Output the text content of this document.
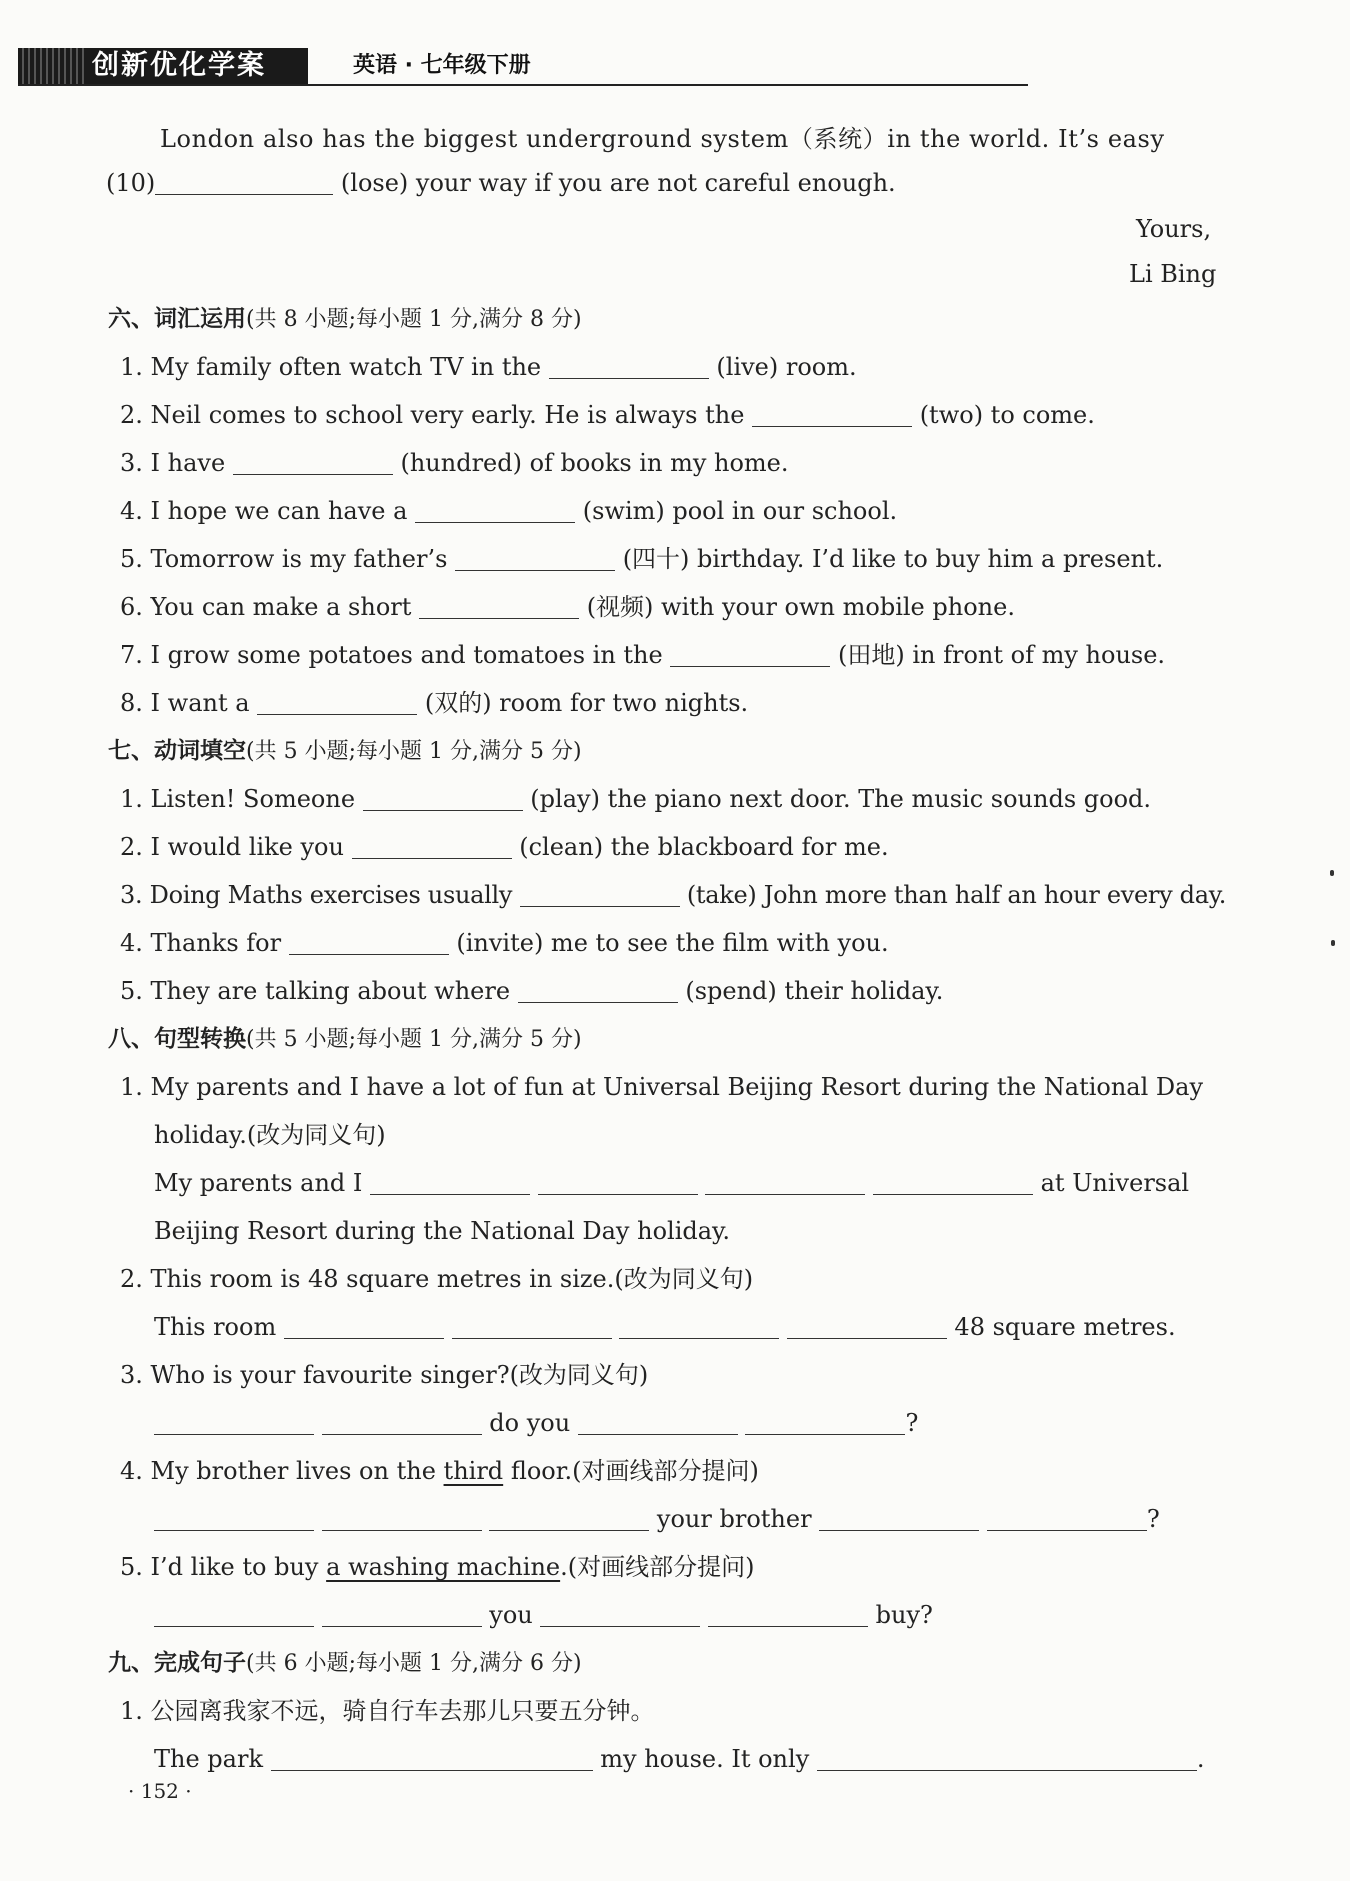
创新优化学案	英语 · 七年级下册
London also has the biggest underground system（系统）in the world. It’s easy
(10)	(lose) your way if you are not careful enough.
Yours,
Li Bing
六、词汇运用(共 8 小题;每小题 1 分,满分 8 分)
1. My family often watch TV in the	(live) room.
2. Neil comes to school very early. He is always the	(two) to come.
3. I have	(hundred) of books in my home.
4. I hope we can have a	(swim) pool in our school.
5. Tomorrow is my father’s	(四十) birthday. I’d like to buy him a present.
6. You can make a short	(视频) with your own mobile phone.
7. I grow some potatoes and tomatoes in the	(田地) in front of my house.
8. I want a	(双的) room for two nights.
七、动词填空(共 5 小题;每小题 1 分,满分 5 分)
1. Listen! Someone	(play) the piano next door. The music sounds good.
2. I would like you	(clean) the blackboard for me.
3. Doing Maths exercises usually	(take) John more than half an hour every day.
4. Thanks for	(invite) me to see the film with you.
5. They are talking about where	(spend) their holiday.
八、句型转换(共 5 小题;每小题 1 分,满分 5 分)
1. My parents and I have a lot of fun at Universal Beijing Resort during the National Day
holiday.(改为同义句)
My parents and I	at Universal
Beijing Resort during the National Day holiday.
2. This room is 48 square metres in size.(改为同义句)
This room	48 square metres.
3. Who is your favourite singer?(改为同义句)
do you	?
4. My brother lives on the third floor.(对画线部分提问)
your brother	?
5. I’d like to buy a washing machine.(对画线部分提问)
you	buy?
九、完成句子(共 6 小题;每小题 1 分,满分 6 分)
1. 公园离我家不远，骑自行车去那儿只要五分钟。
The park	my house. It only	.
· 152 ·
